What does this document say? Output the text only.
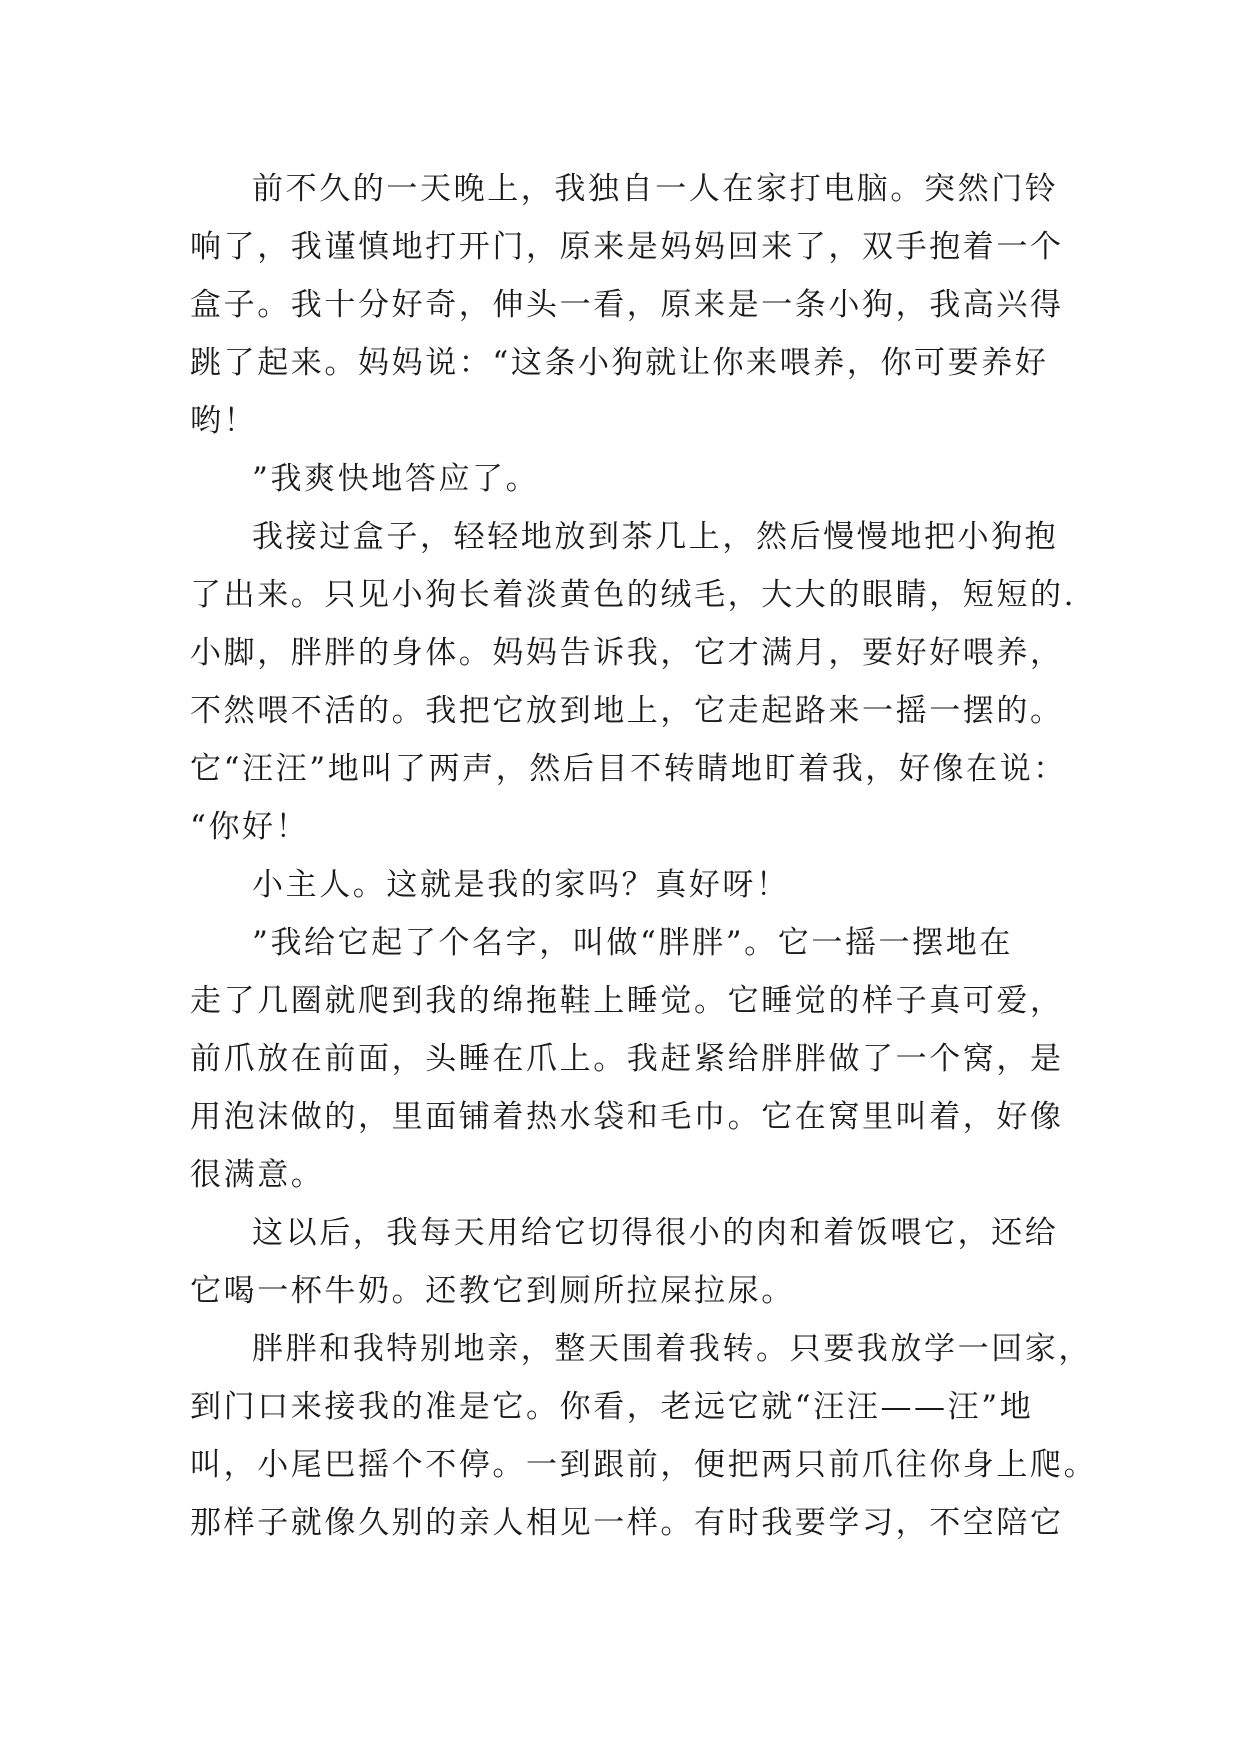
前不久的一天晚上，我独自一人在家打电脑。突然门铃
响了，我谨慎地打开门，原来是妈妈回来了，双手抱着一个
盒子。我十分好奇，伸头一看，原来是一条小狗，我高兴得
跳了起来。妈妈说：“这条小狗就让你来喂养，你可要养好
哟！
”我爽快地答应了。
我接过盒子，轻轻地放到茶几上，然后慢慢地把小狗抱
了出来。只见小狗长着淡黄色的绒毛，大大的眼睛，短短的.
小脚，胖胖的身体。妈妈告诉我，它才满月，要好好喂养，
不然喂不活的。我把它放到地上，它走起路来一摇一摆的。
它“汪汪”地叫了两声，然后目不转睛地盯着我，好像在说：
“你好！
小主人。这就是我的家吗？真好呀！
”我给它起了个名字，叫做“胖胖”。它一摇一摆地在
走了几圈就爬到我的绵拖鞋上睡觉。它睡觉的样子真可爱，
前爪放在前面，头睡在爪上。我赶紧给胖胖做了一个窝，是
用泡沫做的，里面铺着热水袋和毛巾。它在窝里叫着，好像
很满意。
这以后，我每天用给它切得很小的肉和着饭喂它，还给
它喝一杯牛奶。还教它到厕所拉屎拉尿。
胖胖和我特别地亲，整天围着我转。只要我放学一回家，
到门口来接我的准是它。你看，老远它就“汪汪——汪”地
叫，小尾巴摇个不停。一到跟前，便把两只前爪往你身上爬。
那样子就像久别的亲人相见一样。有时我要学习，不空陪它
